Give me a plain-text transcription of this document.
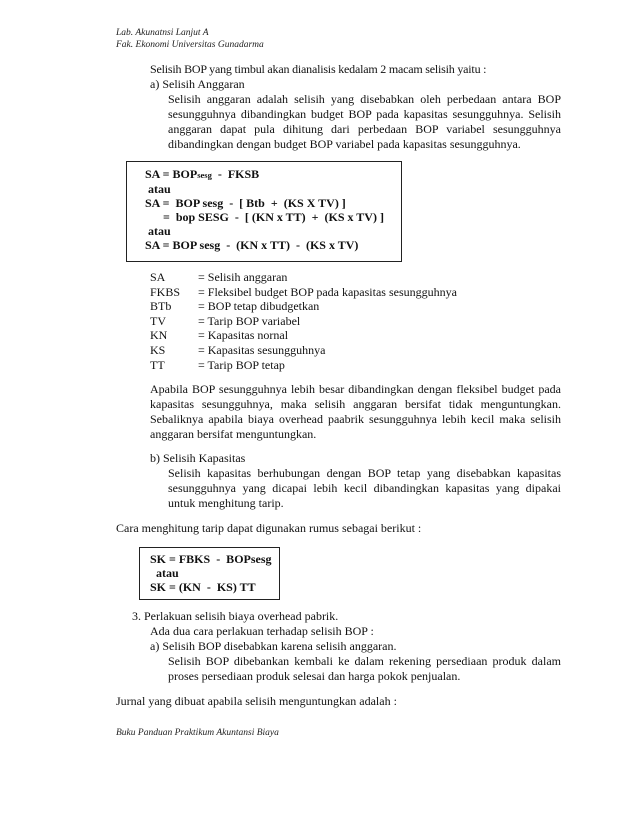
Lab. Akunatnsi Lanjut A
Fak. Ekonomi Universitas Gunadarma
Selisih BOP yang timbul akan dianalisis kedalam 2 macam selisih yaitu :
a) Selisih Anggaran
Selisih anggaran adalah selisih yang disebabkan oleh perbedaan antara BOP sesungguhnya dibandingkan budget BOP pada kapasitas sesungguhnya. Selisih anggaran dapat pula dihitung dari perbedaan BOP variabel sesungguhnya dibandingkan dengan budget BOP variabel pada kapasitas sesungguhnya.
SA = BOPsesg  -  FKSB
atau
SA =  BOP sesg  -  [ Btb  +  (KS X TV) ]
=  bop SESG  -  [ (KN x TT)  +  (KS x TV) ]
atau
SA = BOP sesg  -  (KN x TT)  -  (KS x TV)
SA	= Selisih anggaran
FKBS	= Fleksibel budget BOP pada kapasitas sesungguhnya
BTb	= BOP tetap dibudgetkan
TV	= Tarip BOP variabel
KN	= Kapasitas nornal
KS	= Kapasitas sesungguhnya
TT	= Tarip BOP tetap
Apabila BOP sesungguhnya lebih besar dibandingkan dengan fleksibel budget pada kapasitas sesungguhnya, maka selisih anggaran bersifat tidak menguntungkan. Sebaliknya apabila biaya overhead paabrik sesungguhnya lebih kecil maka selisih anggaran bersifat menguntungkan.
b) Selisih Kapasitas
Selisih kapasitas berhubungan dengan BOP tetap yang disebabkan kapasitas sesungguhnya yang dicapai lebih kecil dibandingkan kapasitas yang dipakai untuk menghitung tarip.
Cara menghitung tarip dapat digunakan rumus sebagai berikut :
SK = FBKS  -  BOPsesg
atau
SK = (KN  -  KS) TT
3. Perlakuan selisih biaya overhead pabrik.
Ada dua cara perlakuan terhadap selisih BOP :
a) Selisih BOP disebabkan karena selisih anggaran.
Selisih BOP dibebankan kembali ke dalam rekening persediaan produk dalam proses persediaan produk selesai dan harga pokok penjualan.
Jurnal yang dibuat apabila selisih menguntungkan adalah :
Buku Panduan Praktikum Akuntansi Biaya
